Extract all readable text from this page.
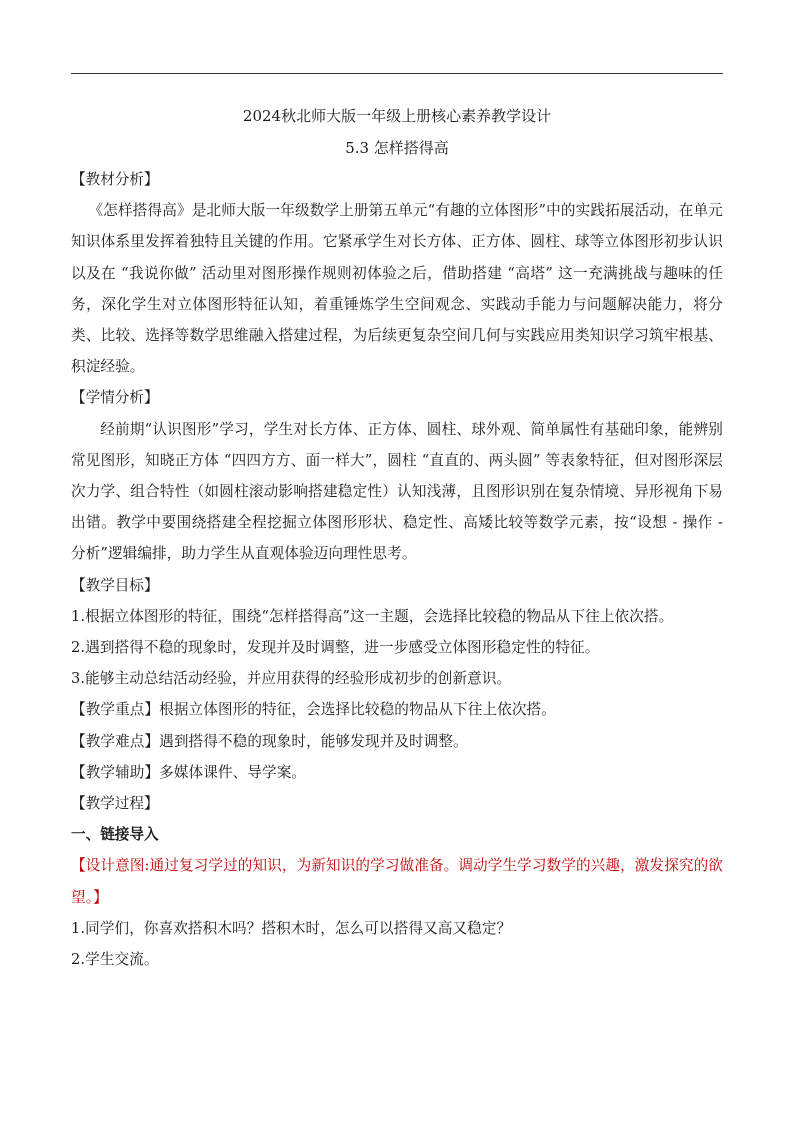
2024秋北师大版一年级上册核心素养教学设计

5.3 怎样搭得高

【教材分析】

《怎样搭得高》是北师大版一年级数学上册第五单元“有趣的立体图形”中的实践拓展活动，在单元知识体系里发挥着独特且关键的作用。它紧承学生对长方体、正方体、圆柱、球等立体图形初步认识以及在 “我说你做” 活动里对图形操作规则初体验之后，借助搭建 “高塔” 这一充满挑战与趣味的任务，深化学生对立体图形特征认知，着重锤炼学生空间观念、实践动手能力与问题解决能力，将分类、比较、选择等数学思维融入搭建过程，为后续更复杂空间几何与实践应用类知识学习筑牢根基、积淀经验。

【学情分析】

经前期“认识图形”学习，学生对长方体、正方体、圆柱、球外观、简单属性有基础印象，能辨别常见图形，知晓正方体 “四四方方、面一样大”，圆柱 “直直的、两头圆” 等表象特征，但对图形深层次力学、组合特性（如圆柱滚动影响搭建稳定性）认知浅薄，且图形识别在复杂情境、异形视角下易出错。教学中要围绕搭建全程挖掘立体图形形状、稳定性、高矮比较等数学元素，按“设想 - 操作 - 分析”逻辑编排，助力学生从直观体验迈向理性思考。

【教学目标】

1.根据立体图形的特征，围绕“怎样搭得高”这一主题，会选择比较稳的物品从下往上依次搭。

2.遇到搭得不稳的现象时，发现并及时调整，进一步感受立体图形稳定性的特征。

3.能够主动总结活动经验，并应用获得的经验形成初步的创新意识。

【教学重点】根据立体图形的特征，会选择比较稳的物品从下往上依次搭。

【教学难点】遇到搭得不稳的现象时，能够发现并及时调整。

【教学辅助】多媒体课件、导学案。

【教学过程】

一、链接导入

【设计意图:通过复习学过的知识，为新知识的学习做准备。调动学生学习数学的兴趣，激发探究的欲望。】

1.同学们，你喜欢搭积木吗？搭积木时，怎么可以搭得又高又稳定？

2.学生交流。
